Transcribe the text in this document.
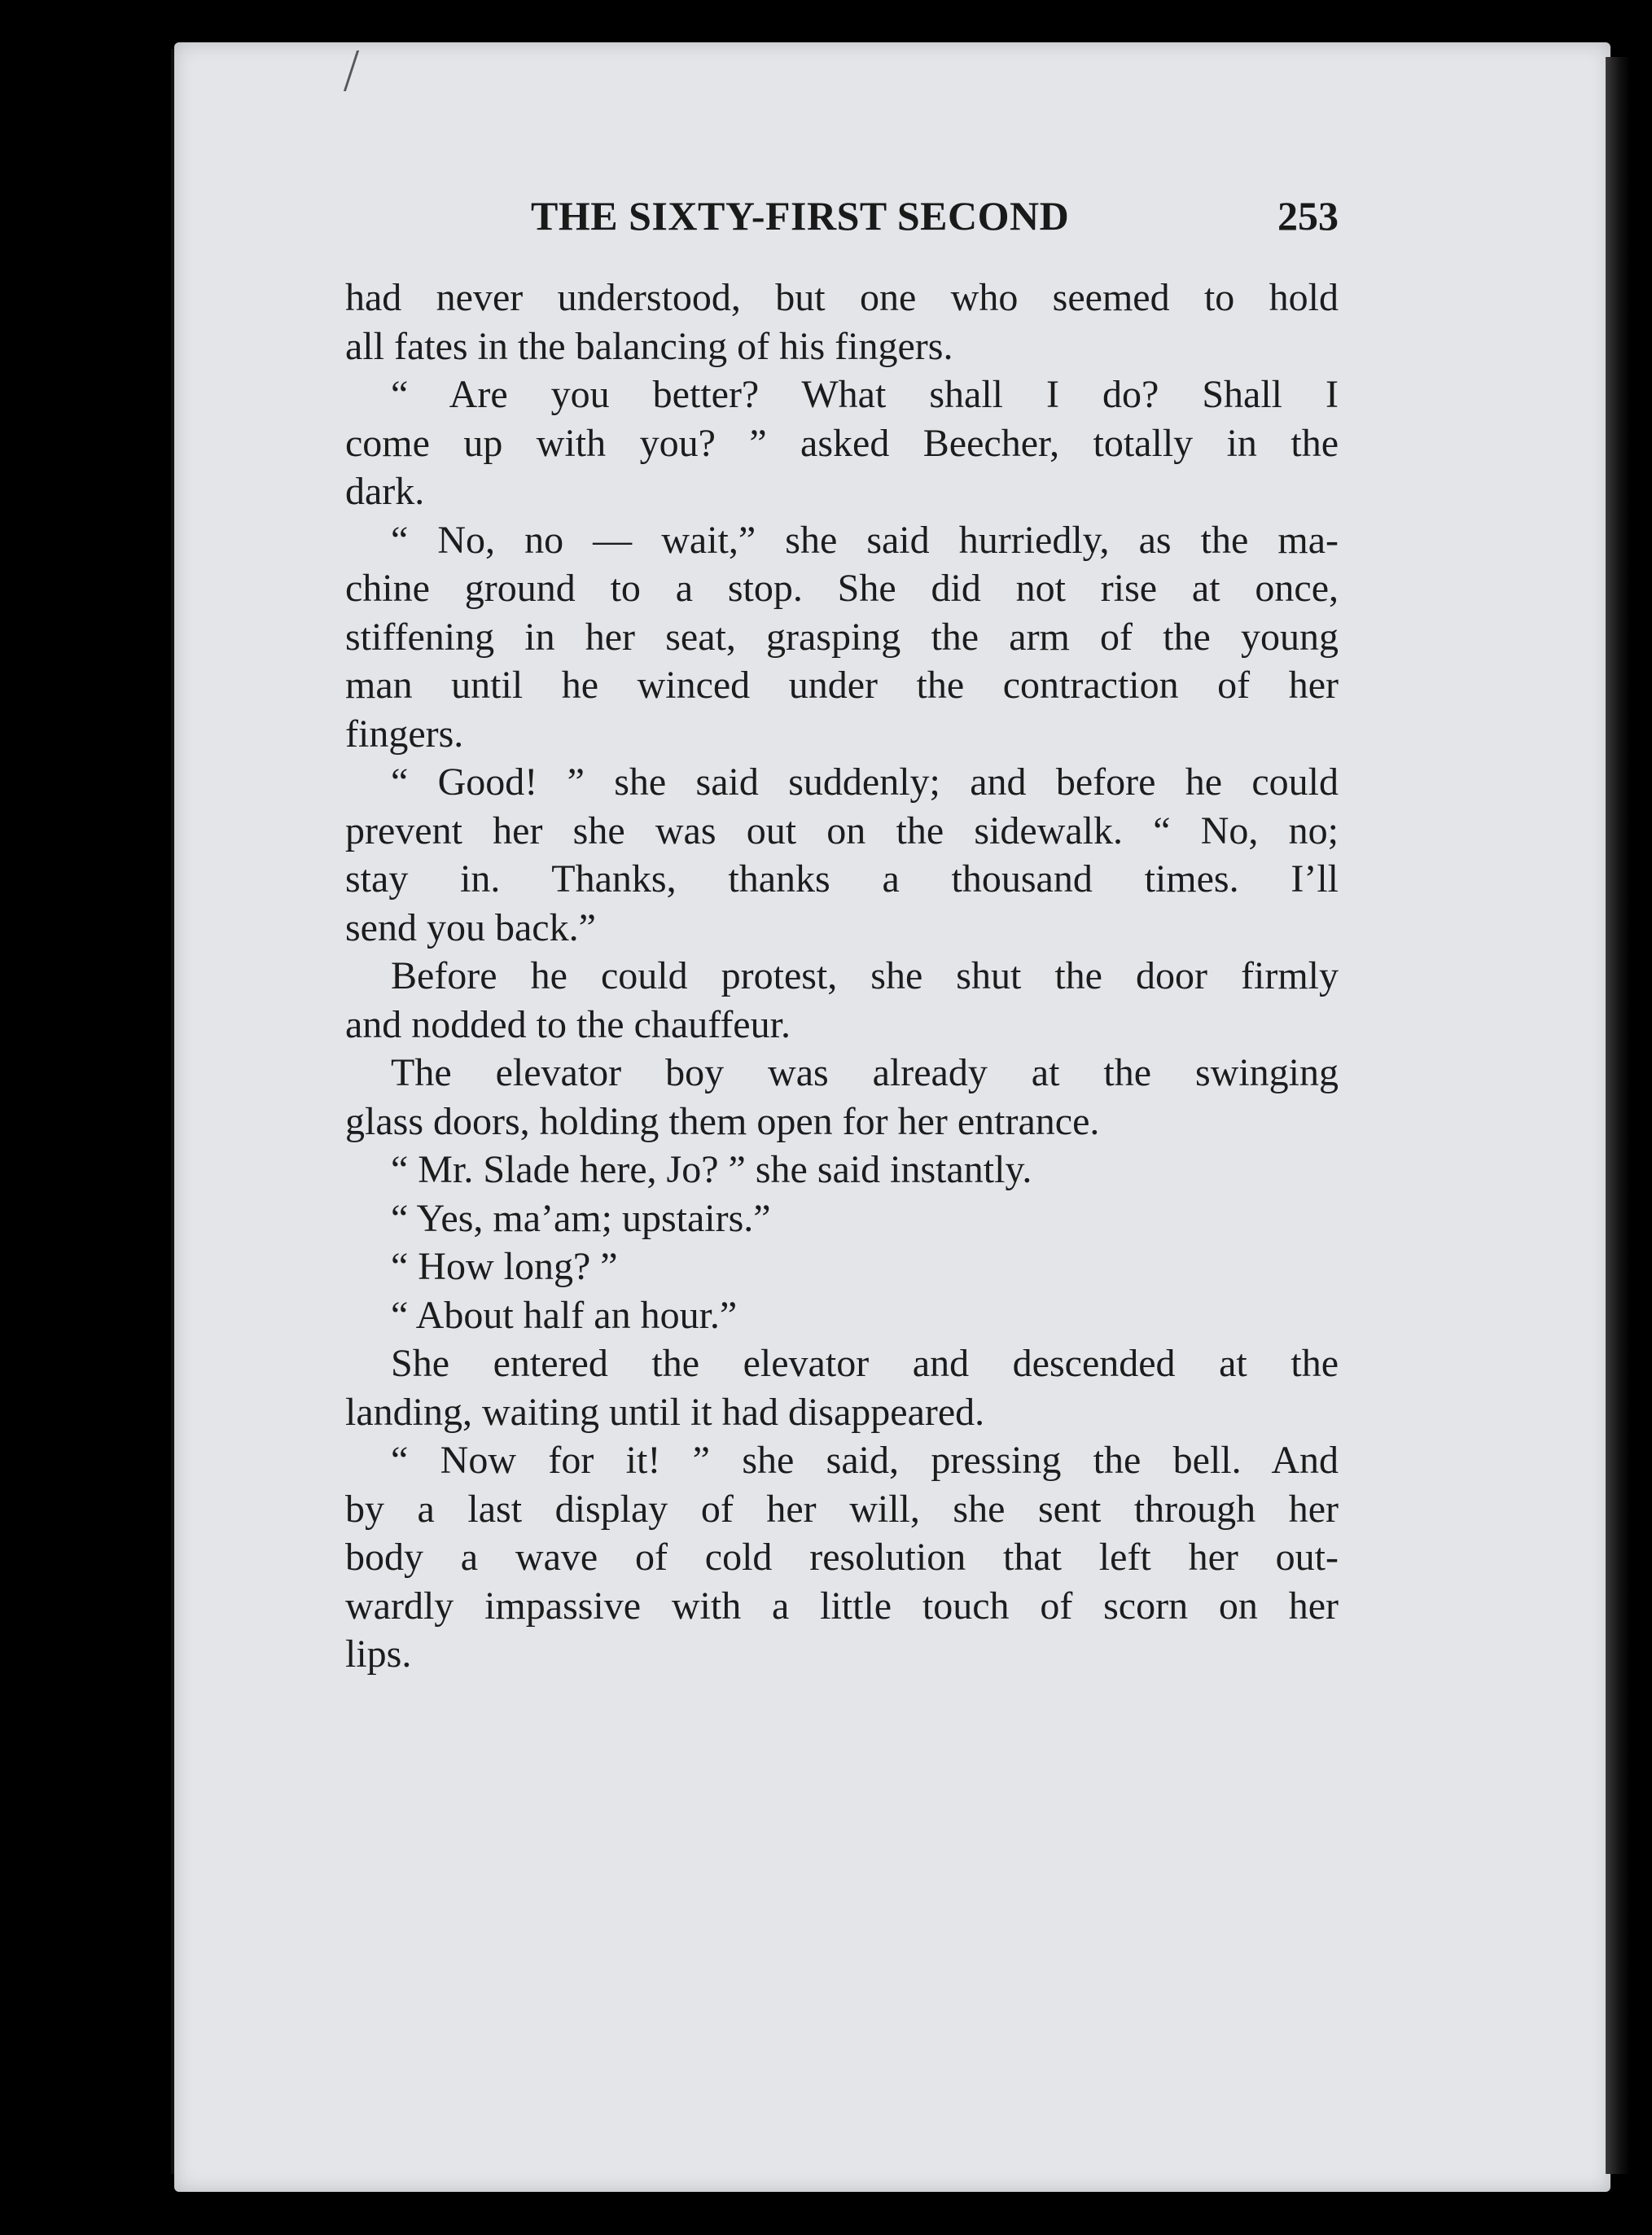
THE SIXTY-FIRST SECOND	253
had never understood, but one who seemed to hold
all fates in the balancing of his fingers.
“ Are you better? What shall I do? Shall I
come up with you? ” asked Beecher, totally in the
dark.
“ No, no — wait,” she said hurriedly, as the ma-
chine ground to a stop. She did not rise at once,
stiffening in her seat, grasping the arm of the young
man until he winced under the contraction of her
fingers.
“ Good! ” she said suddenly; and before he could
prevent her she was out on the sidewalk. “ No, no;
stay in. Thanks, thanks a thousand times. I’ll
send you back.”
Before he could protest, she shut the door firmly
and nodded to the chauffeur.
The elevator boy was already at the swinging
glass doors, holding them open for her entrance.
“ Mr. Slade here, Jo? ” she said instantly.
“ Yes, ma’am; upstairs.”
“ How long? ”
“ About half an hour.”
She entered the elevator and descended at the
landing, waiting until it had disappeared.
“ Now for it! ” she said, pressing the bell. And
by a last display of her will, she sent through her
body a wave of cold resolution that left her out-
wardly impassive with a little touch of scorn on her
lips.
